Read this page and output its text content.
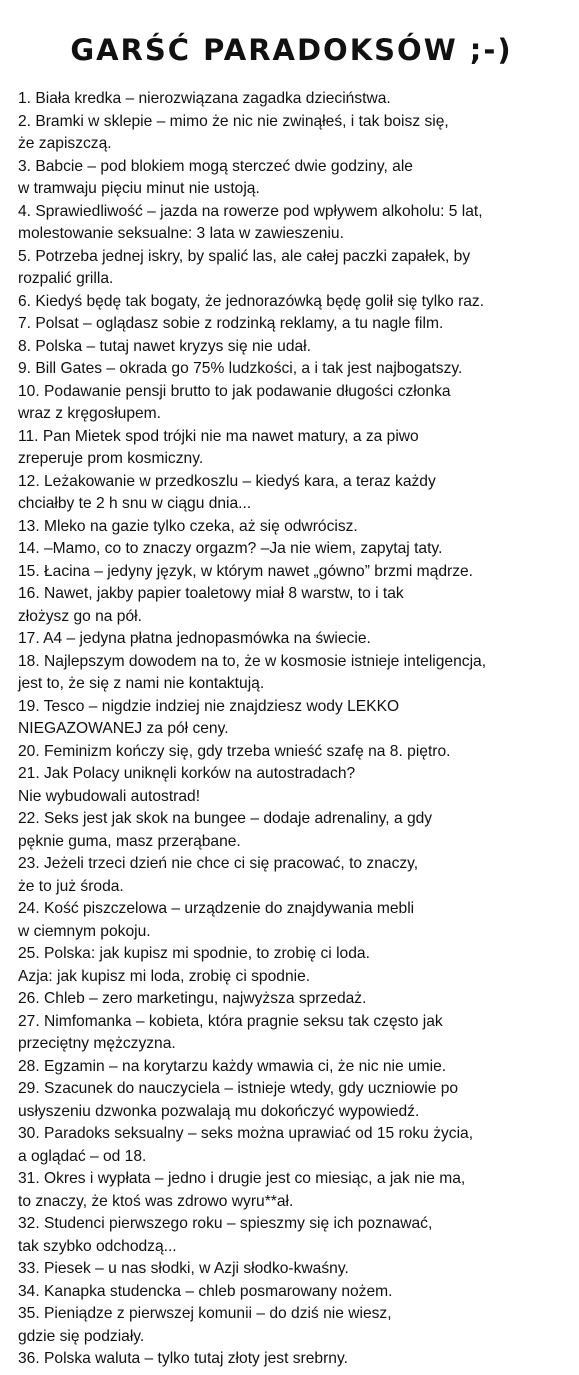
GARŚĆ PARADOKSÓW ;-)
1. Biała kredka – nierozwiązana zagadka dzieciństwa.
2. Bramki w sklepie – mimo że nic nie zwinąłeś, i tak boisz się,
że zapiszczą.
3. Babcie – pod blokiem mogą sterczeć dwie godziny, ale
w tramwaju pięciu minut nie ustoją.
4. Sprawiedliwość – jazda na rowerze pod wpływem alkoholu: 5 lat,
molestowanie seksualne: 3 lata w zawieszeniu.
5. Potrzeba jednej iskry, by spalić las, ale całej paczki zapałek, by
rozpalić grilla.
6. Kiedyś będę tak bogaty, że jednorazówką będę golił się tylko raz.
7. Polsat – oglądasz sobie z rodzinką reklamy, a tu nagle film.
8. Polska – tutaj nawet kryzys się nie udał.
9. Bill Gates – okrada go 75% ludzkości, a i tak jest najbogatszy.
10. Podawanie pensji brutto to jak podawanie długości członka
wraz z kręgosłupem.
11. Pan Mietek spod trójki nie ma nawet matury, a za piwo
zreperuje prom kosmiczny.
12. Leżakowanie w przedkoszlu – kiedyś kara, a teraz każdy
chciałby te 2 h snu w ciągu dnia...
13. Mleko na gazie tylko czeka, aż się odwrócisz.
14. –Mamo, co to znaczy orgazm? –Ja nie wiem, zapytaj taty.
15. Łacina – jedyny język, w którym nawet „gówno” brzmi mądrze.
16. Nawet, jakby papier toaletowy miał 8 warstw, to i tak
złożysz go na pół.
17. A4 – jedyna płatna jednopasmówka na świecie.
18. Najlepszym dowodem na to, że w kosmosie istnieje inteligencja,
jest to, że się z nami nie kontaktują.
19. Tesco – nigdzie indziej nie znajdziesz wody LEKKO
NIEGAZOWANEJ za pół ceny.
20. Feminizm kończy się, gdy trzeba wnieść szafę na 8. piętro.
21. Jak Polacy uniknęli korków na autostradach?
Nie wybudowali autostrad!
22. Seks jest jak skok na bungee – dodaje adrenaliny, a gdy
pęknie guma, masz przerąbane.
23. Jeżeli trzeci dzień nie chce ci się pracować, to znaczy,
że to już środa.
24. Kość piszczelowa – urządzenie do znajdywania mebli
w ciemnym pokoju.
25. Polska: jak kupisz mi spodnie, to zrobię ci loda.
Azja: jak kupisz mi loda, zrobię ci spodnie.
26. Chleb – zero marketingu, najwyższa sprzedaż.
27. Nimfomanka – kobieta, która pragnie seksu tak często jak
przeciętny mężczyzna.
28. Egzamin – na korytarzu każdy wmawia ci, że nic nie umie.
29. Szacunek do nauczyciela – istnieje wtedy, gdy uczniowie po
usłyszeniu dzwonka pozwalają mu dokończyć wypowiedź.
30. Paradoks seksualny – seks można uprawiać od 15 roku życia,
a oglądać – od 18.
31. Okres i wypłata – jedno i drugie jest co miesiąc, a jak nie ma,
to znaczy, że ktoś was zdrowo wyru**ał.
32. Studenci pierwszego roku – spieszmy się ich poznawać,
tak szybko odchodzą...
33. Piesek – u nas słodki, w Azji słodko-kwaśny.
34. Kanapka studencka – chleb posmarowany nożem.
35. Pieniądze z pierwszej komunii – do dziś nie wiesz,
gdzie się podziały.
36. Polska waluta – tylko tutaj złoty jest srebrny.
